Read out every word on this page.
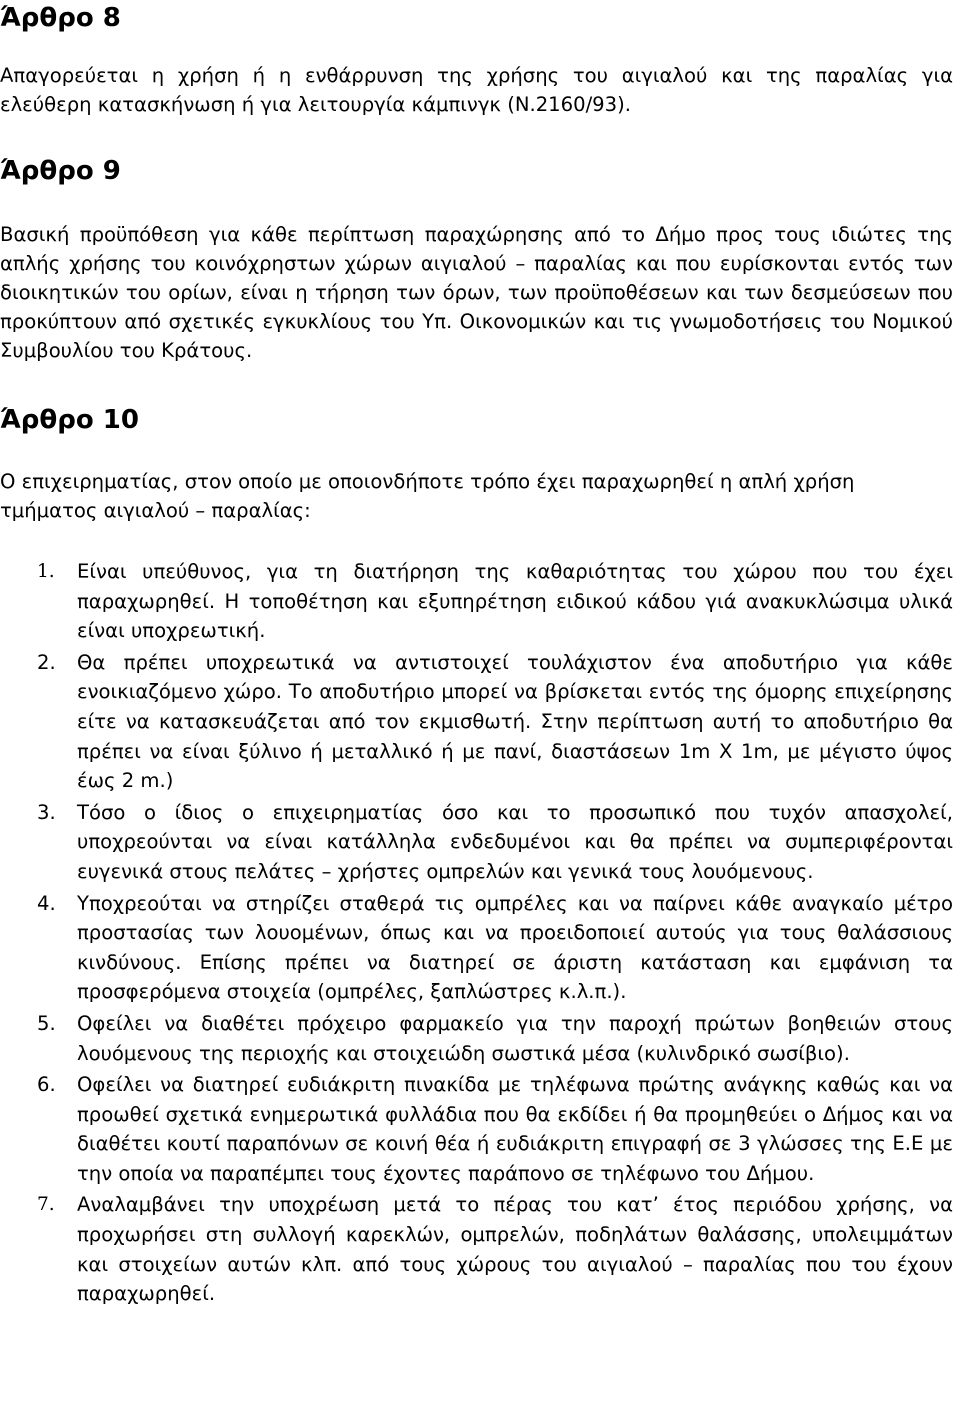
Άρθρο 8

Απαγορεύεται η χρήση ή η ενθάρρυνση της χρήσης του αιγιαλού και της παραλίας για ελεύθερη κατασκήνωση ή για λειτουργία κάμπινγκ (Ν.2160/93).

Άρθρο 9

Βασική προϋπόθεση για κάθε περίπτωση παραχώρησης από το Δήμο προς τους ιδιώτες της απλής χρήσης του κοινόχρηστων χώρων αιγιαλού – παραλίας και που ευρίσκονται εντός των διοικητικών του ορίων, είναι η τήρηση των όρων, των προϋποθέσεων και των δεσμεύσεων που προκύπτουν από σχετικές εγκυκλίους του Υπ. Οικονομικών και τις γνωμοδοτήσεις του Νομικού Συμβουλίου του Κράτους.

Άρθρο 10

Ο επιχειρηματίας, στον οποίο με οποιονδήποτε τρόπο έχει παραχωρηθεί η απλή χρήση τμήματος αιγιαλού – παραλίας:

1.	Είναι υπεύθυνος, για τη διατήρηση της καθαριότητας του χώρου που του έχει παραχωρηθεί. Η τοποθέτηση και εξυπηρέτηση ειδικού κάδου γιά ανακυκλώσιμα υλικά είναι υποχρεωτική.
2.	Θα πρέπει υποχρεωτικά να αντιστοιχεί τουλάχιστον ένα αποδυτήριο για κάθε ενοικιαζόμενο χώρο. Το αποδυτήριο μπορεί να βρίσκεται εντός της όμορης επιχείρησης είτε να κατασκευάζεται από τον εκμισθωτή. Στην περίπτωση αυτή το αποδυτήριο θα πρέπει να είναι ξύλινο ή μεταλλικό ή με πανί, διαστάσεων 1m Χ 1m, με μέγιστο ύψος έως 2 m.)
3.	Τόσο ο ίδιος ο επιχειρηματίας όσο και το προσωπικό που τυχόν απασχολεί, υποχρεούνται να είναι κατάλληλα ενδεδυμένοι και θα πρέπει να συμπεριφέρονται ευγενικά στους πελάτες – χρήστες ομπρελών και γενικά τους λουόμενους.
4.	Υποχρεούται να στηρίζει σταθερά τις ομπρέλες και να παίρνει κάθε αναγκαίο μέτρο προστασίας των λουομένων, όπως και να προειδοποιεί αυτούς για τους θαλάσσιους κινδύνους. Επίσης πρέπει να διατηρεί σε άριστη κατάσταση και εμφάνιση τα προσφερόμενα στοιχεία (ομπρέλες, ξαπλώστρες κ.λ.π.).
5.	Οφείλει να διαθέτει πρόχειρο φαρμακείο για την παροχή πρώτων βοηθειών στους λουόμενους της περιοχής και στοιχειώδη σωστικά μέσα (κυλινδρικό σωσίβιο).
6.	Οφείλει να διατηρεί ευδιάκριτη πινακίδα με τηλέφωνα πρώτης ανάγκης καθώς και να προωθεί σχετικά ενημερωτικά φυλλάδια που θα εκδίδει ή θα προμηθεύει ο Δήμος και να διαθέτει κουτί παραπόνων σε κοινή θέα ή ευδιάκριτη επιγραφή σε 3 γλώσσες της Ε.Ε με την οποία να παραπέμπει τους έχοντες παράπονο σε τηλέφωνο του Δήμου.
7.	Αναλαμβάνει την υποχρέωση μετά το πέρας του κατ’ έτος περιόδου χρήσης, να προχωρήσει στη συλλογή καρεκλών, ομπρελών, ποδηλάτων θαλάσσης, υπολειμμάτων και στοιχείων αυτών κλπ. από τους χώρους του αιγιαλού – παραλίας που του έχουν παραχωρηθεί.
